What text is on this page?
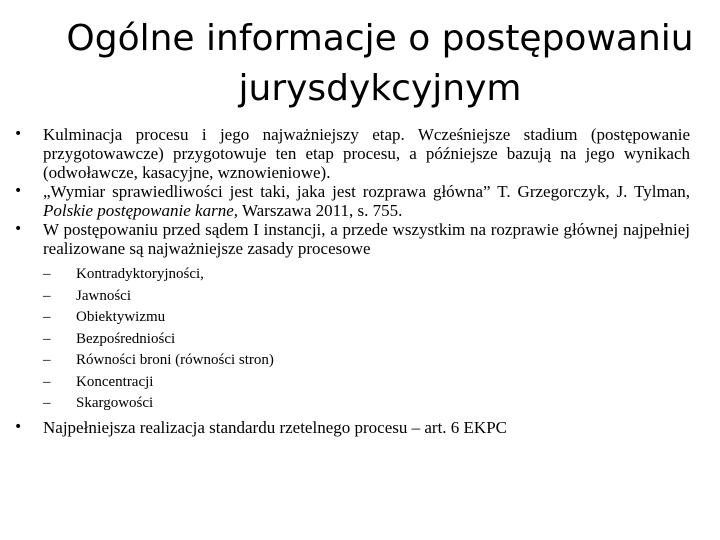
Ogólne informacje o postępowaniu
jurysdykcyjnym
•	Kulminacja procesu i jego najważniejszy etap. Wcześniejsze stadium (postępowanie przygotowawcze) przygotowuje ten etap procesu, a późniejsze bazują na jego wynikach (odwoławcze, kasacyjne, wznowieniowe).
•	„Wymiar sprawiedliwości jest taki, jaka jest rozprawa główna” T. Grzegorczyk, J. Tylman, Polskie postępowanie karne, Warszawa 2011, s. 755.
•	W postępowaniu przed sądem I instancji, a przede wszystkim na rozprawie głównej najpełniej realizowane są najważniejsze zasady procesowe
– Kontradyktoryjności,
– Jawności
– Obiektywizmu
– Bezpośredniości
– Równości broni (równości stron)
– Koncentracji
– Skargowości
•	Najpełniejsza realizacja standardu rzetelnego procesu – art. 6 EKPC
